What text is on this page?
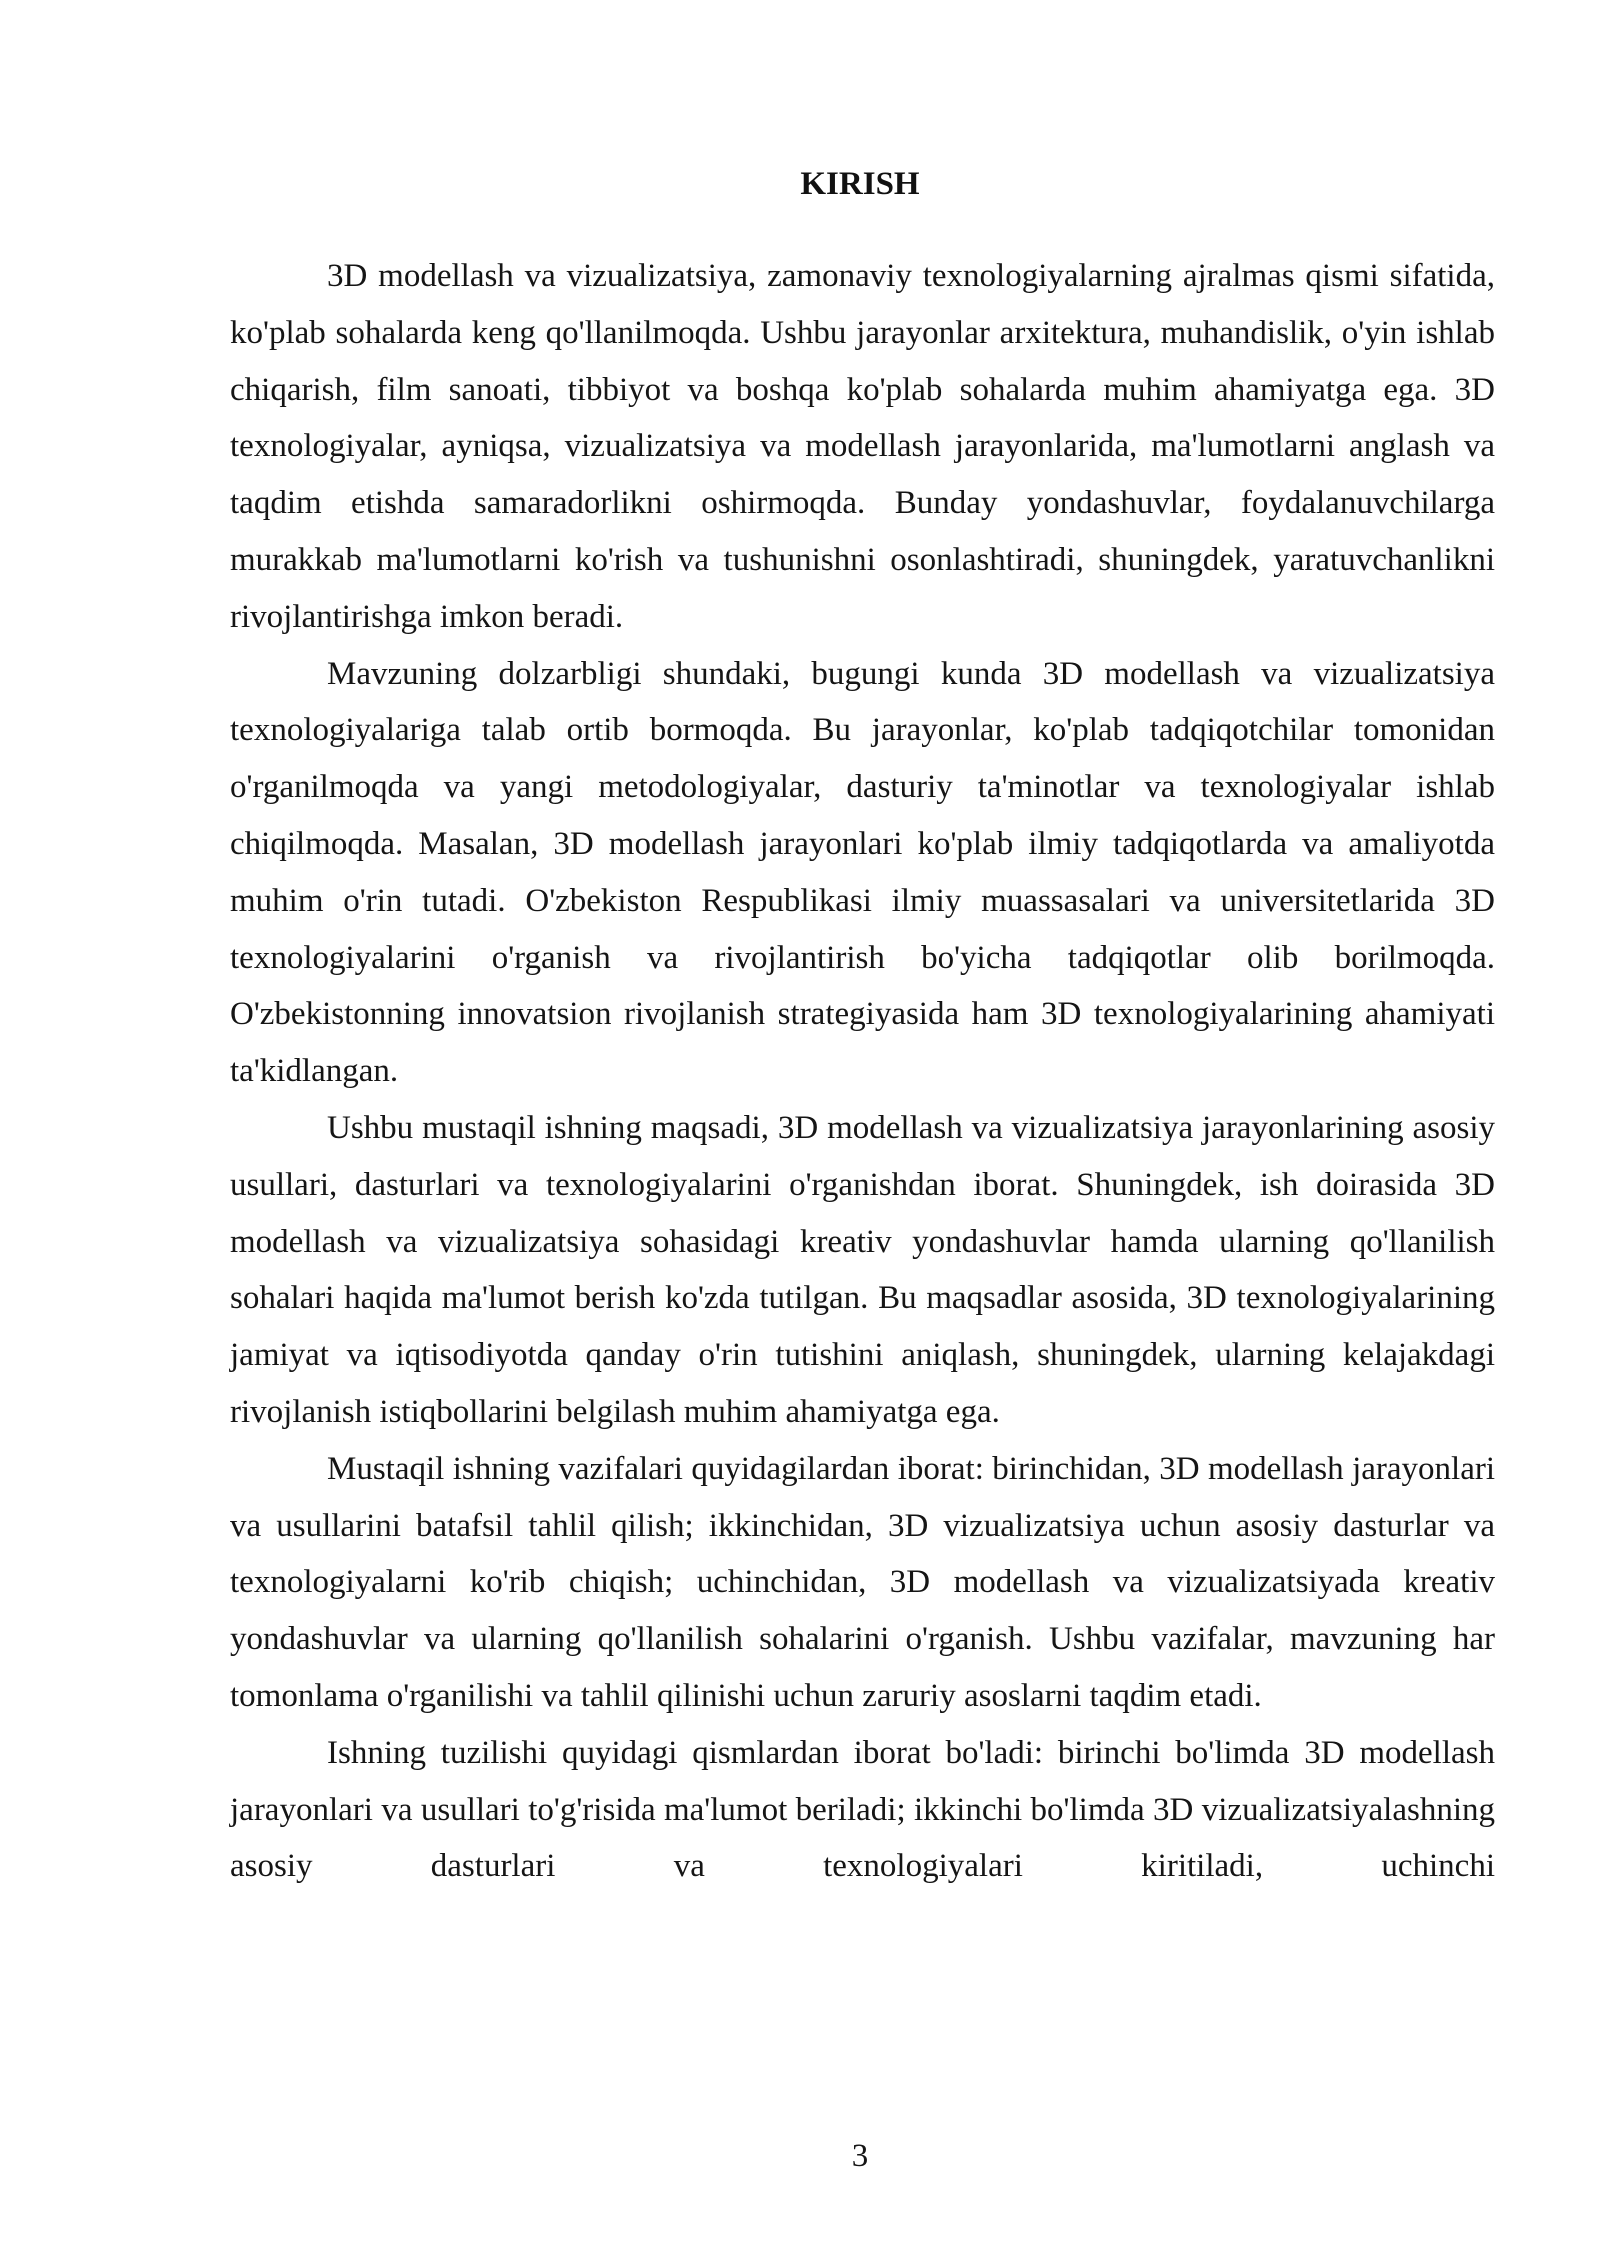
KIRISH

3D modellash va vizualizatsiya, zamonaviy texnologiyalarning ajralmas qismi sifatida, ko'plab sohalarda keng qo'llanilmoqda. Ushbu jarayonlar arxitektura, muhandislik, o'yin ishlab chiqarish, film sanoati, tibbiyot va boshqa ko'plab sohalarda muhim ahamiyatga ega. 3D texnologiyalar, ayniqsa, vizualizatsiya va modellash jarayonlarida, ma'lumotlarni anglash va taqdim etishda samaradorlikni oshirmoqda. Bunday yondashuvlar, foydalanuvchilarga murakkab ma'lumotlarni ko'rish va tushunishni osonlashtiradi, shuningdek, yaratuvchanlikni rivojlantirishga imkon beradi.

Mavzuning dolzarbligi shundaki, bugungi kunda 3D modellash va vizualizatsiya texnologiyalariga talab ortib bormoqda. Bu jarayonlar, ko'plab tadqiqotchilar tomonidan o'rganilmoqda va yangi metodologiyalar, dasturiy ta'minotlar va texnologiyalar ishlab chiqilmoqda. Masalan, 3D modellash jarayonlari ko'plab ilmiy tadqiqotlarda va amaliyotda muhim o'rin tutadi. O'zbekiston Respublikasi ilmiy muassasalari va universitetlarida 3D texnologiyalarini o'rganish va rivojlantirish bo'yicha tadqiqotlar olib borilmoqda. O'zbekistonning innovatsion rivojlanish strategiyasida ham 3D texnologiyalarining ahamiyati ta'kidlangan.

Ushbu mustaqil ishning maqsadi, 3D modellash va vizualizatsiya jarayonlarining asosiy usullari, dasturlari va texnologiyalarini o'rganishdan iborat. Shuningdek, ish doirasida 3D modellash va vizualizatsiya sohasidagi kreativ yondashuvlar hamda ularning qo'llanilish sohalari haqida ma'lumot berish ko'zda tutilgan. Bu maqsadlar asosida, 3D texnologiyalarining jamiyat va iqtisodiyotda qanday o'rin tutishini aniqlash, shuningdek, ularning kelajakdagi rivojlanish istiqbollarini belgilash muhim ahamiyatga ega.

Mustaqil ishning vazifalari quyidagilardan iborat: birinchidan, 3D modellash jarayonlari va usullarini batafsil tahlil qilish; ikkinchidan, 3D vizualizatsiya uchun asosiy dasturlar va texnologiyalarni ko'rib chiqish; uchinchidan, 3D modellash va vizualizatsiyada kreativ yondashuvlar va ularning qo'llanilish sohalarini o'rganish. Ushbu vazifalar, mavzuning har tomonlama o'rganilishi va tahlil qilinishi uchun zaruriy asoslarni taqdim etadi.

Ishning tuzilishi quyidagi qismlardan iborat bo'ladi: birinchi bo'limda 3D modellash jarayonlari va usullari to'g'risida ma'lumot beriladi; ikkinchi bo'limda 3D vizualizatsiyalashning asosiy dasturlari va texnologiyalari kiritiladi, uchinchi

3
